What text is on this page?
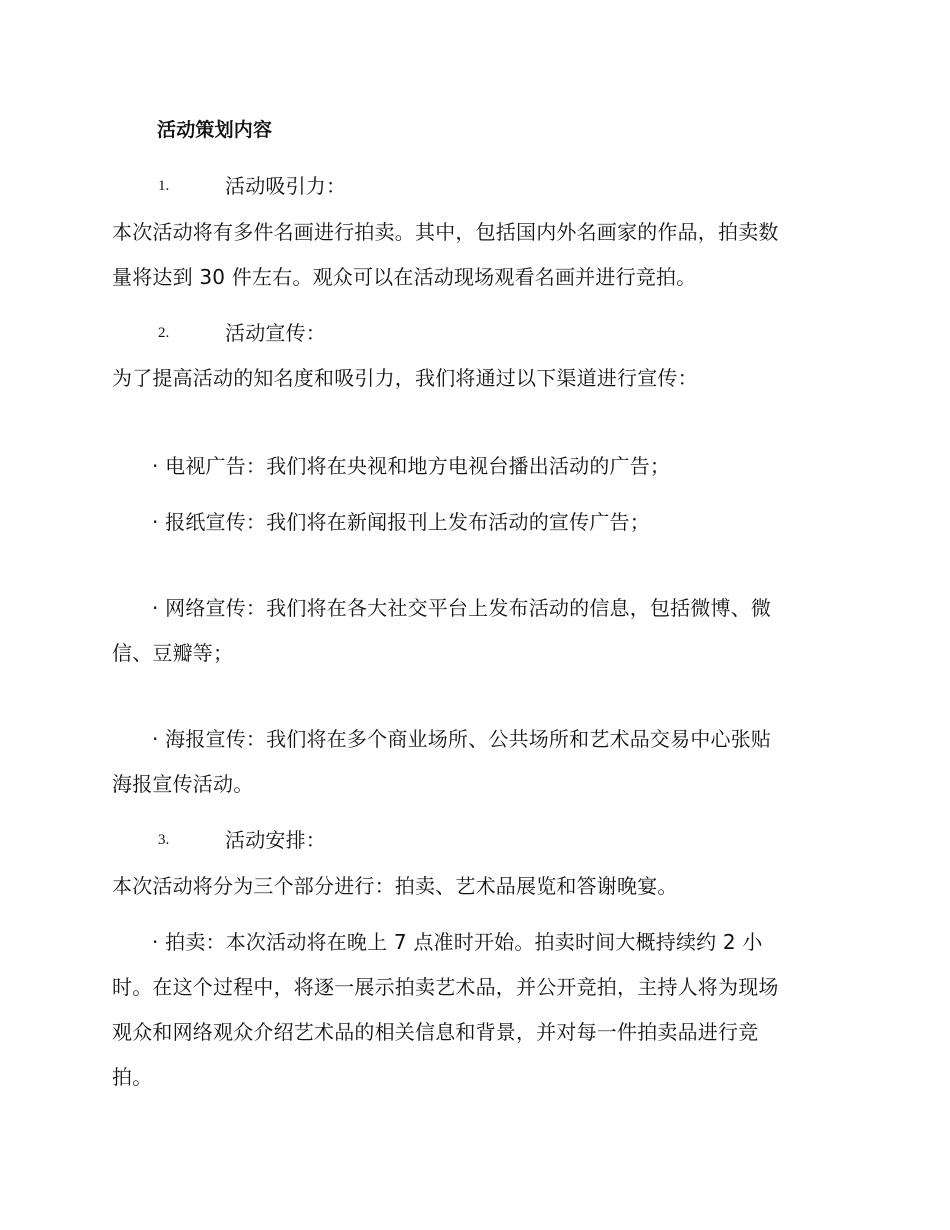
活动策划内容
1.	活动吸引力：
本次活动将有多件名画进行拍卖。其中，包括国内外名画家的作品，拍卖数
量将达到 30 件左右。观众可以在活动现场观看名画并进行竞拍。
2.	活动宣传：
为了提高活动的知名度和吸引力，我们将通过以下渠道进行宣传：
· 电视广告：我们将在央视和地方电视台播出活动的广告；
· 报纸宣传：我们将在新闻报刊上发布活动的宣传广告；
· 网络宣传：我们将在各大社交平台上发布活动的信息，包括微博、微
信、豆瓣等；
· 海报宣传：我们将在多个商业场所、公共场所和艺术品交易中心张贴
海报宣传活动。
3.	活动安排：
本次活动将分为三个部分进行：拍卖、艺术品展览和答谢晚宴。
· 拍卖：本次活动将在晚上 7 点准时开始。拍卖时间大概持续约 2 小
时。在这个过程中，将逐一展示拍卖艺术品，并公开竞拍，主持人将为现场
观众和网络观众介绍艺术品的相关信息和背景，并对每一件拍卖品进行竞
拍。
